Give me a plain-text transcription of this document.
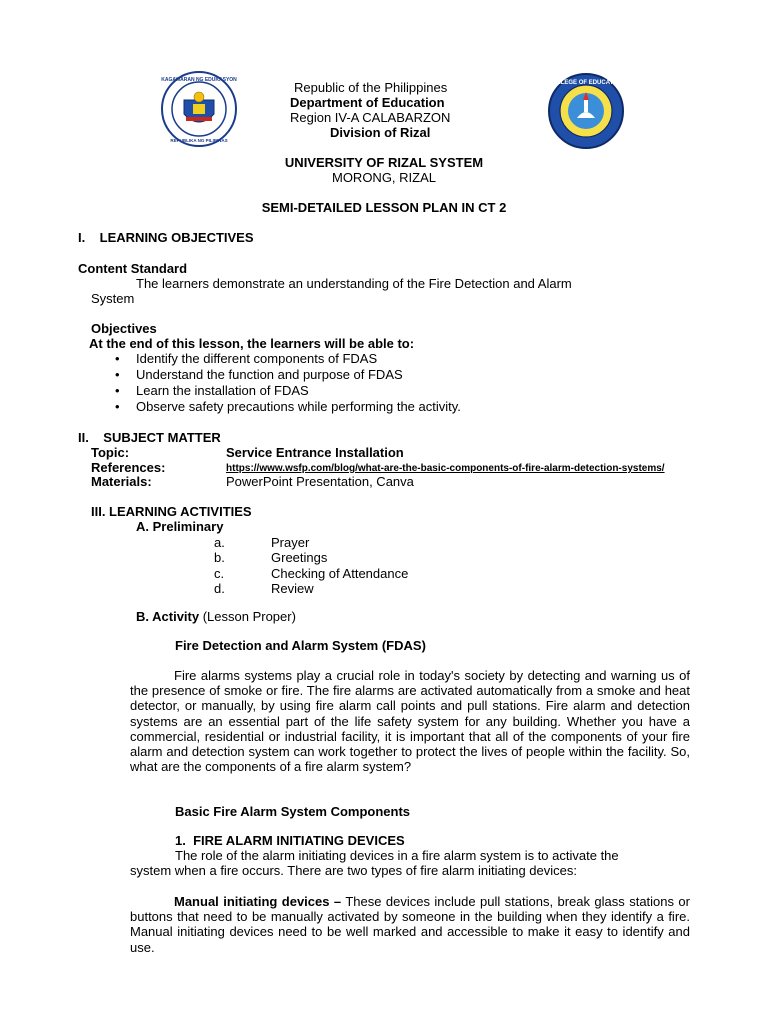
KAGAWARAN NG EDUKASYON
REPUBLIKA NG PILIPINAS
COLLEGE OF EDUCATION
Republic of the Philippines
Department of Education
Region IV-A CALABARZON
Division of Rizal
UNIVERSITY OF RIZAL SYSTEM
MORONG, RIZAL
SEMI-DETAILED LESSON PLAN IN CT 2
I.    LEARNING OBJECTIVES
Content Standard
The learners demonstrate an understanding of the Fire Detection and Alarm
System
Objectives
At the end of this lesson, the learners will be able to:
• Identify the different components of FDAS
• Understand the function and purpose of FDAS
• Learn the installation of FDAS
• Observe safety precautions while performing the activity.
II.    SUBJECT MATTER
Topic:	Service Entrance Installation
References:	https://www.wsfp.com/blog/what-are-the-basic-components-of-fire-alarm-detection-systems/
Materials:	PowerPoint Presentation, Canva
III. LEARNING ACTIVITIES
A. Preliminary
a.	Prayer
b.	Greetings
c.	Checking of Attendance
d.	Review
B. Activity (Lesson Proper)
Fire Detection and Alarm System (FDAS)
Fire alarms systems play a crucial role in today's society by detecting and warning us of the presence of smoke or fire. The fire alarms are activated automatically from a smoke and heat detector, or manually, by using fire alarm call points and pull stations. Fire alarm and detection systems are an essential part of the life safety system for any building. Whether you have a commercial, residential or industrial facility, it is important that all of the components of your fire alarm and detection system can work together to protect the lives of people within the facility. So, what are the components of a fire alarm system?
Basic Fire Alarm System Components
1.  FIRE ALARM INITIATING DEVICES
The role of the alarm initiating devices in a fire alarm system is to activate the
system when a fire occurs. There are two types of fire alarm initiating devices:
Manual initiating devices – These devices include pull stations, break glass stations or buttons that need to be manually activated by someone in the building when they identify a fire. Manual initiating devices need to be well marked and accessible to make it easy to identify and use.
